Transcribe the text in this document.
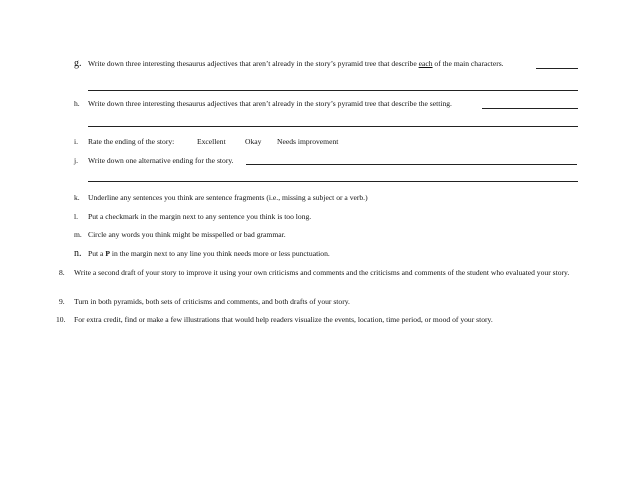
g. Write down three interesting thesaurus adjectives that aren’t already in the story’s pyramid tree that describe each of the main characters.
h. Write down three interesting thesaurus adjectives that aren’t already in the story’s pyramid tree that describe the setting.
i. Rate the ending of the story:	Excellent	Okay Needs improvement
j. Write down one alternative ending for the story.
k. Underline any sentences you think are sentence fragments (i.e., missing a subject or a verb.)
l. Put a checkmark in the margin next to any sentence you think is too long.
m. Circle any words you think might be misspelled or bad grammar.
n. Put a P in the margin next to any line you think needs more or less punctuation.
8. Write a second draft of your story to improve it using your own criticisms and comments and the criticisms and comments of the student who evaluated your story.
9. Turn in both pyramids, both sets of criticisms and comments, and both drafts of your story.
10. For extra credit, find or make a few illustrations that would help readers visualize the events, location, time period, or mood of your story.
